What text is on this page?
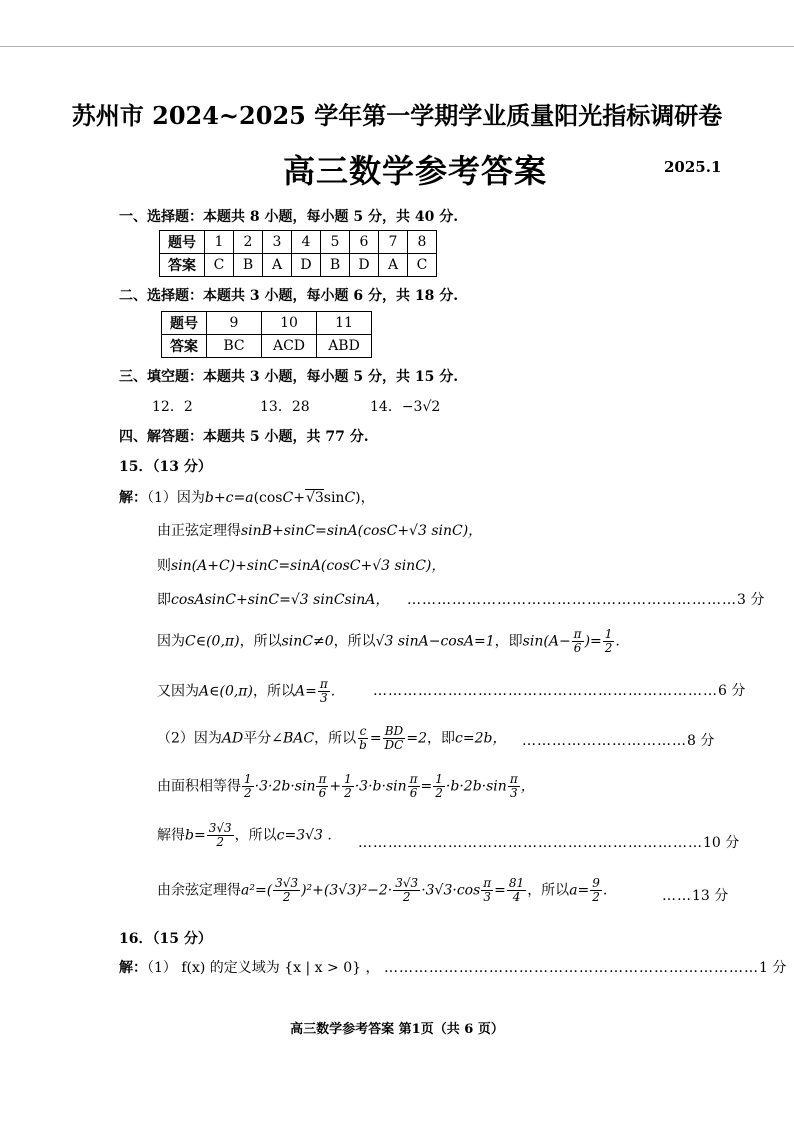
苏州市 2024~2025 学年第一学期学业质量阳光指标调研卷
高三数学参考答案	2025.1
一、选择题：本题共 8 小题，每小题 5 分，共 40 分.
题号	1	2	3	4	5	6	7	8
答案	C	B	A	D	B	D	A	C
二、选择题：本题共 3 小题，每小题 6 分，共 18 分.
题号	9	10	11
答案	BC	ACD	ABD
三、填空题：本题共 3 小题，每小题 5 分，共 15 分.
12．2	13．28	14．−3√2
四、解答题：本题共 5 小题，共 77 分.
15．（13 分）
解：（1）因为b+c=a(cosC+√3sinC)，
由正弦定理得sinB+sinC=sinA(cosC+√3 sinC)，
则sin(A+C)+sinC=sinA(cosC+√3 sinC)，
即cosAsinC+sinC=√3 sinCsinA， …………………………………………………………3 分
因为C∈(0,π)，所以sinC≠0，所以√3 sinA−cosA=1，即$\sin(A- \frac{\pi}{6}$ )= $\frac{1}{2}$ .
又因为A∈(0,π)，所以$A= \frac{\pi}{3}$ .	……………………………………………………………6 分
（2）因为AD平分∠BAC，所以 $\frac{c}{b} = \frac{BD}{DC} =2$，即c=2b， ……………………………8 分
由面积相等得 $\frac{1}{2} \cdot 3\cdot 2b\cdot\sin \frac{\pi}{6} + \frac{1}{2} \cdot 3\cdot b\cdot\sin \frac{\pi}{6} = \frac{1}{2} \cdot b\cdot 2b\cdot\sin \frac{\pi}{3}$ ，
解得$b= \frac{3√3}{2}$ ，所以c=3√3 . ……………………………………………………………10 分
由余弦定理得$a^2=( \frac{3√3}{2} )^2+(3√3)^2-2\cdot \frac{3√3}{2} \cdot 3√3\cdot\cos \frac{\pi}{3} = \frac{81}{4}$ ，所以$a= \frac{9}{2}$ .	……13 分
16．（15 分）
解：（1） f(x) 的定义域为 {x | x > 0} ， …………………………………………………………………1 分
高三数学参考答案 第1页（共 6 页）
